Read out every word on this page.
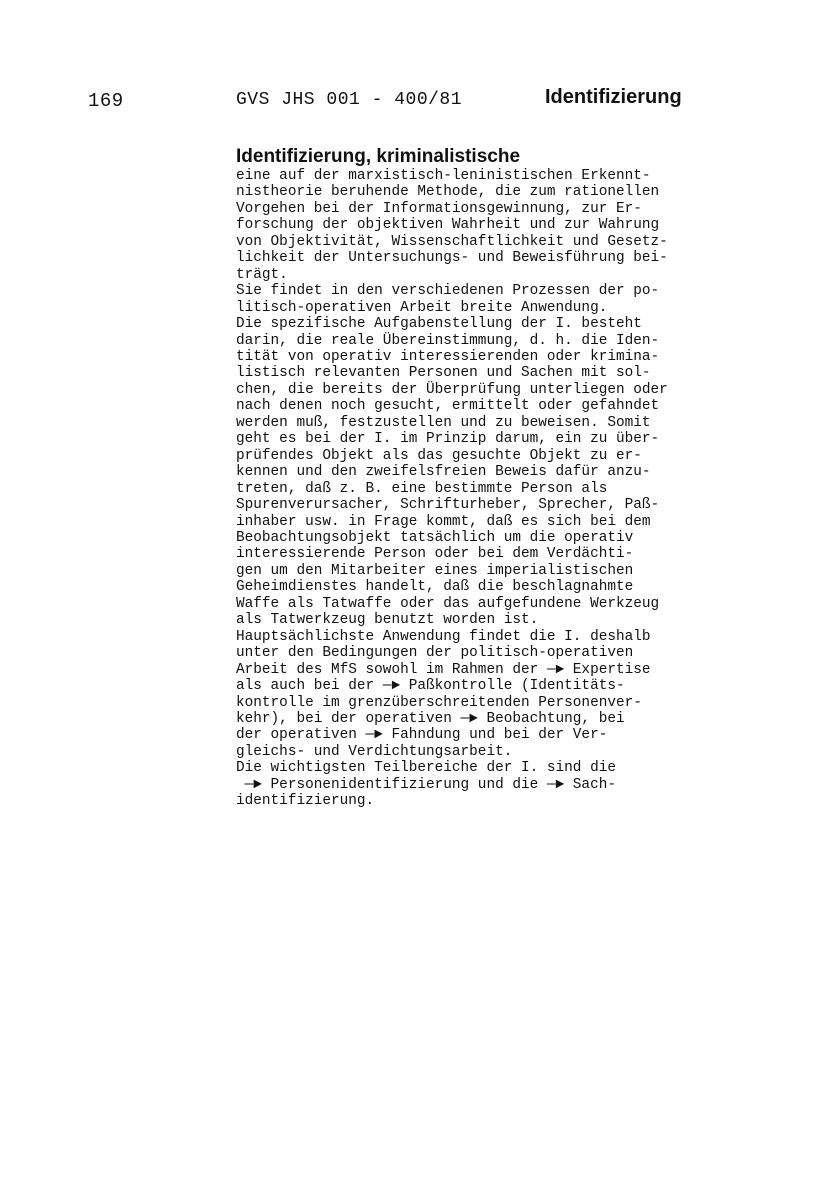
169	GVS JHS 001 - 400/81	Identifizierung
Identifizierung, kriminalistische
eine auf der marxistisch-leninistischen Erkennt-
nistheorie beruhende Methode, die zum rationellen
Vorgehen bei der Informationsgewinnung, zur Er-
forschung der objektiven Wahrheit und zur Wahrung
von Objektivität, Wissenschaftlichkeit und Gesetz-
lichkeit der Untersuchungs- und Beweisführung bei-
trägt.
Sie findet in den verschiedenen Prozessen der po-
litisch-operativen Arbeit breite Anwendung.
Die spezifische Aufgabenstellung der I. besteht
darin, die reale Übereinstimmung, d. h. die Iden-
tität von operativ interessierenden oder krimina-
listisch relevanten Personen und Sachen mit sol-
chen, die bereits der Überprüfung unterliegen oder
nach denen noch gesucht, ermittelt oder gefahndet
werden muß, festzustellen und zu beweisen. Somit
geht es bei der I. im Prinzip darum, ein zu über-
prüfendes Objekt als das gesuchte Objekt zu er-
kennen und den zweifelsfreien Beweis dafür anzu-
treten, daß z. B. eine bestimmte Person als
Spurenverursacher, Schrifturheber, Sprecher, Paß-
inhaber usw. in Frage kommt, daß es sich bei dem
Beobachtungsobjekt tatsächlich um die operativ
interessierende Person oder bei dem Verdächti-
gen um den Mitarbeiter eines imperialistischen
Geheimdienstes handelt, daß die beschlagnahmte
Waffe als Tatwaffe oder das aufgefundene Werkzeug
als Tatwerkzeug benutzt worden ist.
Hauptsächlichste Anwendung findet die I. deshalb
unter den Bedingungen der politisch-operativen
Arbeit des MfS sowohl im Rahmen der —► Expertise
als auch bei der —► Paßkontrolle (Identitäts-
kontrolle im grenzüberschreitenden Personenver-
kehr), bei der operativen —► Beobachtung, bei
der operativen —► Fahndung und bei der Ver-
gleichs- und Verdichtungsarbeit.
Die wichtigsten Teilbereiche der I. sind die
—► Personenidentifizierung und die —► Sach-
identifizierung.
